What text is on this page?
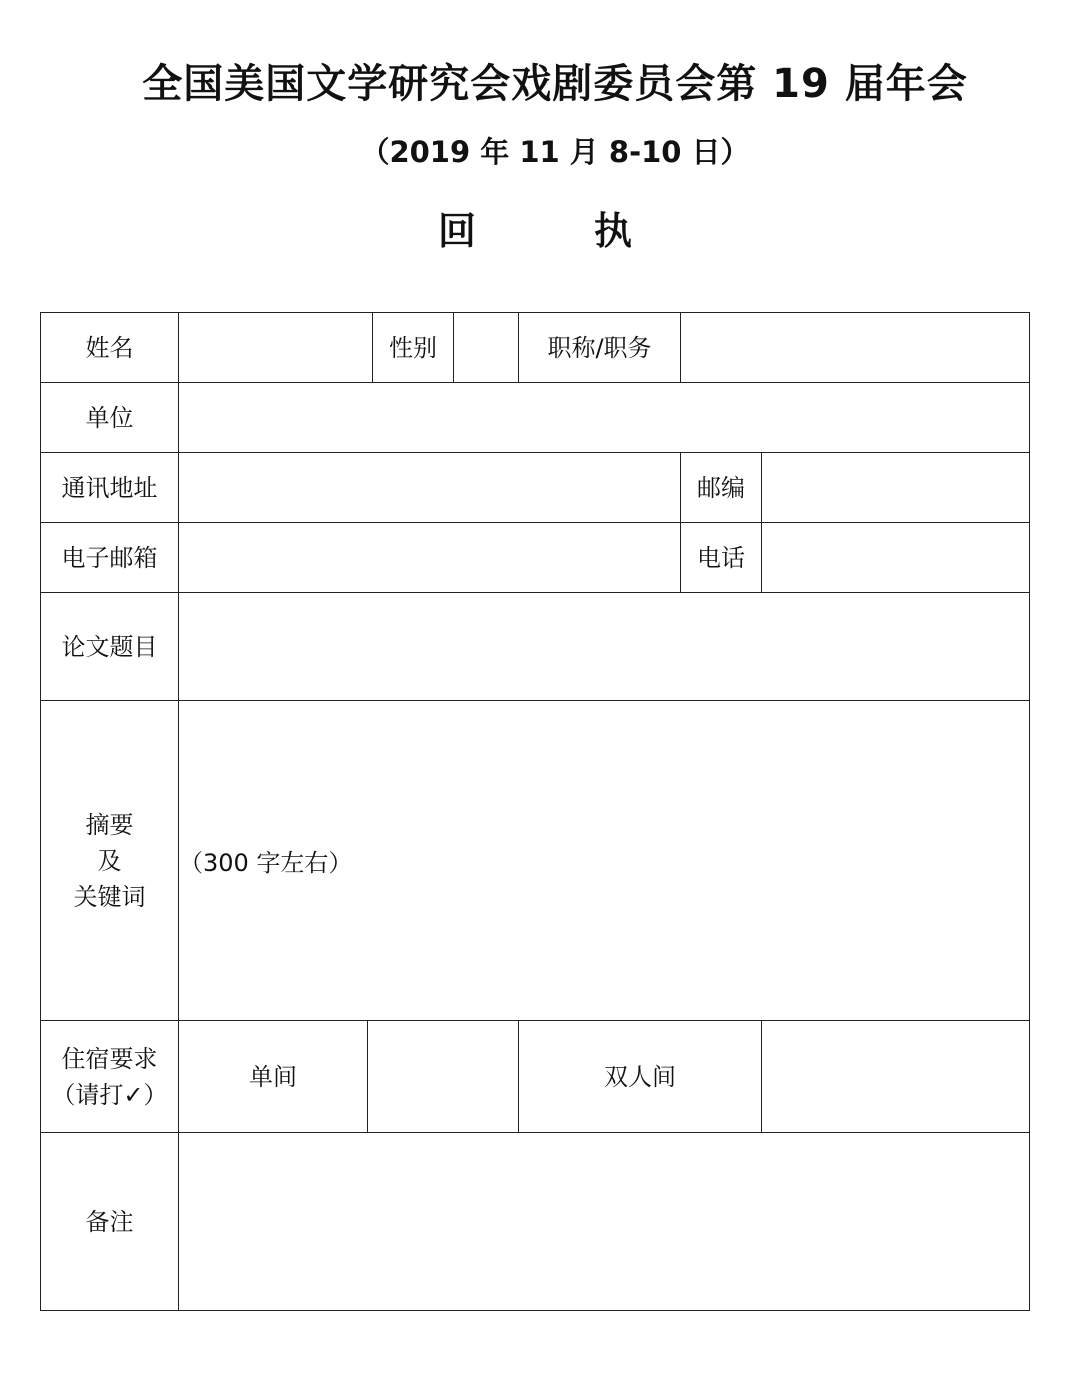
全国美国文学研究会戏剧委员会第 19 届年会
（2019 年 11 月 8-10 日）
回　执
姓名			性别		职称/职务		
单位							
通讯地址						邮编	
电子邮箱						电话	
论文题目							

摘要
及
关键词	（300 字左右）						

住宿要求
（请打✓）	单间				双人间		
备注							
